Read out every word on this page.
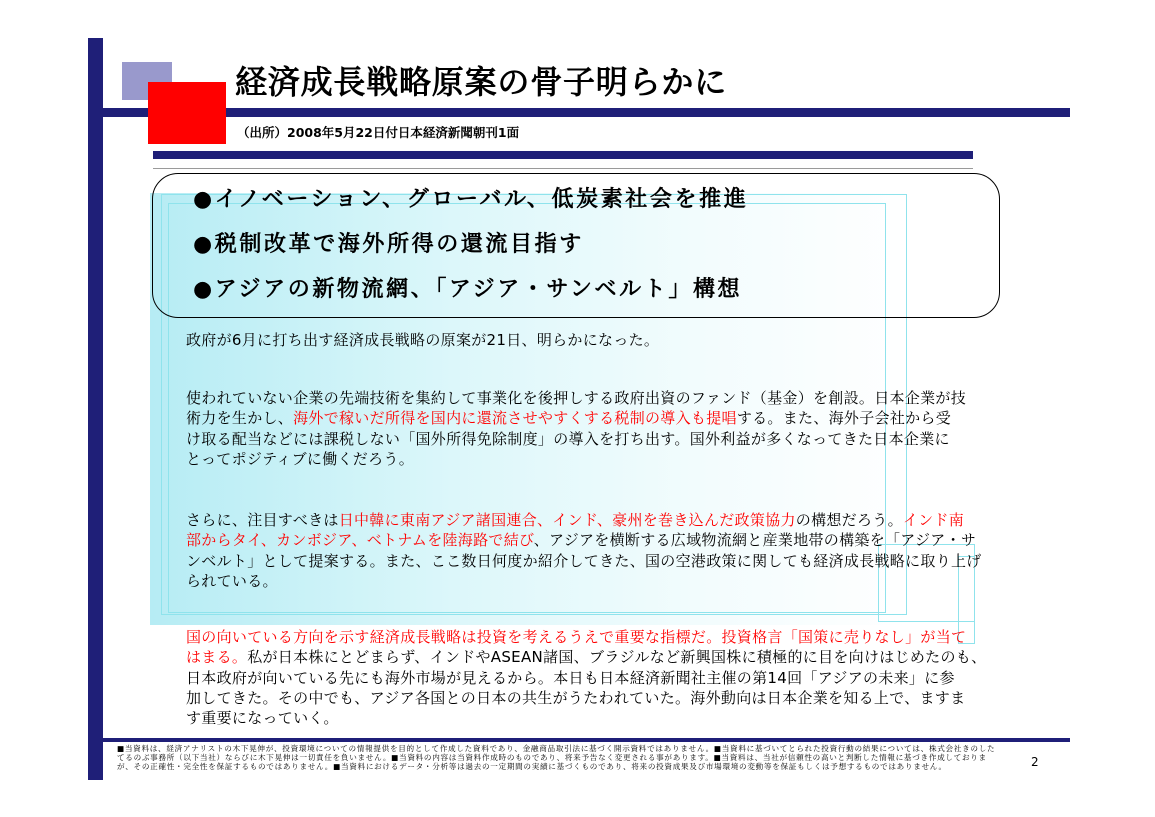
経済成長戦略原案の骨子明らかに
（出所）2008年5月22日付日本経済新聞朝刊1面
●イノベーション、グローバル、低炭素社会を推進
●税制改革で海外所得の還流目指す
●アジアの新物流網、「アジア・サンベルト」構想
政府が6月に打ち出す経済成長戦略の原案が21日、明らかになった。
使われていない企業の先端技術を集約して事業化を後押しする政府出資のファンド（基金）を創設。日本企業が技
術力を生かし、海外で稼いだ所得を国内に還流させやすくする税制の導入も提唱する。また、海外子会社から受
け取る配当などには課税しない「国外所得免除制度」の導入を打ち出す。国外利益が多くなってきた日本企業に
とってポジティブに働くだろう。
さらに、注目すべきは日中韓に東南アジア諸国連合、インド、豪州を巻き込んだ政策協力の構想だろう。インド南
部からタイ、カンボジア、ベトナムを陸海路で結び、アジアを横断する広域物流網と産業地帯の構築を「アジア・サ
ンベルト」として提案する。また、ここ数日何度か紹介してきた、国の空港政策に関しても経済成長戦略に取り上げ
られている。
国の向いている方向を示す経済成長戦略は投資を考えるうえで重要な指標だ。投資格言「国策に売りなし」が当て
はまる。私が日本株にとどまらず、インドやASEAN諸国、ブラジルなど新興国株に積極的に目を向けはじめたのも、
日本政府が向いている先にも海外市場が見えるから。本日も日本経済新聞社主催の第14回「アジアの未来」に参
加してきた。その中でも、アジア各国との日本の共生がうたわれていた。海外動向は日本企業を知る上で、ますま
す重要になっていく。
■当資料は、経済アナリストの木下晃伸が、投資環境についての情報提供を目的として作成した資料であり、金融商品取引法に基づく開示資料ではありません。■当資料に基づいてとられた投資行動の結果については、株式会社きのした
てるのぶ事務所（以下当社）ならびに木下晃伸は一切責任を負いません。■当資料の内容は当資料作成時のものであり、将来予告なく変更される事があります。■当資料は、当社が信頼性の高いと判断した情報に基づき作成しておりま
が、その正確性・完全性を保証するものではありません。■当資料におけるデータ・分析等は過去の一定期間の実績に基づくものであり、将来の投資成果及び市場環境の変動等を保証もしくは予想するものではありません。	2
